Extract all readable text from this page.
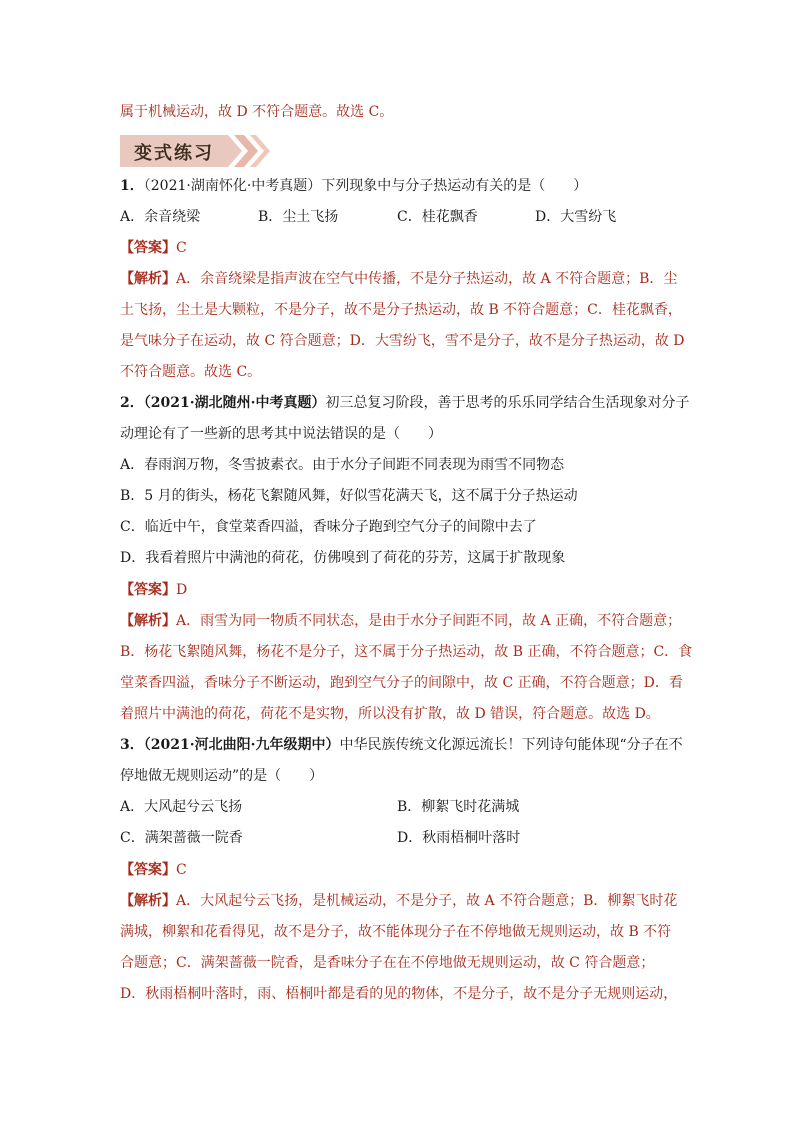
属于机械运动，故 D 不符合题意。故选 C。
变式练习
1．（2021·湖南怀化·中考真题）下列现象中与分子热运动有关的是（　　）
A．余音绕梁	B．尘土飞扬	C．桂花飘香	D．大雪纷飞
【答案】C
【解析】A．余音绕梁是指声波在空气中传播，不是分子热运动，故 A 不符合题意；B．尘
土飞扬，尘土是大颗粒，不是分子，故不是分子热运动，故 B 不符合题意；C．桂花飘香，
是气味分子在运动，故 C 符合题意；D．大雪纷飞，雪不是分子，故不是分子热运动，故 D
不符合题意。故选 C。
2．（2021·湖北随州·中考真题）初三总复习阶段，善于思考的乐乐同学结合生活现象对分子
动理论有了一些新的思考其中说法错误的是（　　）
A．春雨润万物，冬雪披素衣。由于水分子间距不同表现为雨雪不同物态
B．5 月的街头，杨花飞絮随风舞，好似雪花满天飞，这不属于分子热运动
C．临近中午，食堂菜香四溢，香味分子跑到空气分子的间隙中去了
D．我看着照片中满池的荷花，仿佛嗅到了荷花的芬芳，这属于扩散现象
【答案】D
【解析】A．雨雪为同一物质不同状态，是由于水分子间距不同，故 A 正确，不符合题意；
B．杨花飞絮随风舞，杨花不是分子，这不属于分子热运动，故 B 正确，不符合题意；C．食
堂菜香四溢，香味分子不断运动，跑到空气分子的间隙中，故 C 正确，不符合题意；D．看
着照片中满池的荷花，荷花不是实物，所以没有扩散，故 D 错误，符合题意。故选 D。
3．（2021·河北曲阳·九年级期中）中华民族传统文化源远流长！下列诗句能体现“分子在不
停地做无规则运动”的是（　　）
A．大风起兮云飞扬	B．柳絮飞时花满城
C．满架蔷薇一院香	D．秋雨梧桐叶落时
【答案】C
【解析】A．大风起兮云飞扬，是机械运动，不是分子，故 A 不符合题意；B．柳絮飞时花
满城，柳絮和花看得见，故不是分子，故不能体现分子在不停地做无规则运动，故 B 不符
合题意；C．满架蔷薇一院香，是香味分子在在不停地做无规则运动，故 C 符合题意；
D．秋雨梧桐叶落时，雨、梧桐叶都是看的见的物体，不是分子，故不是分子无规则运动，
